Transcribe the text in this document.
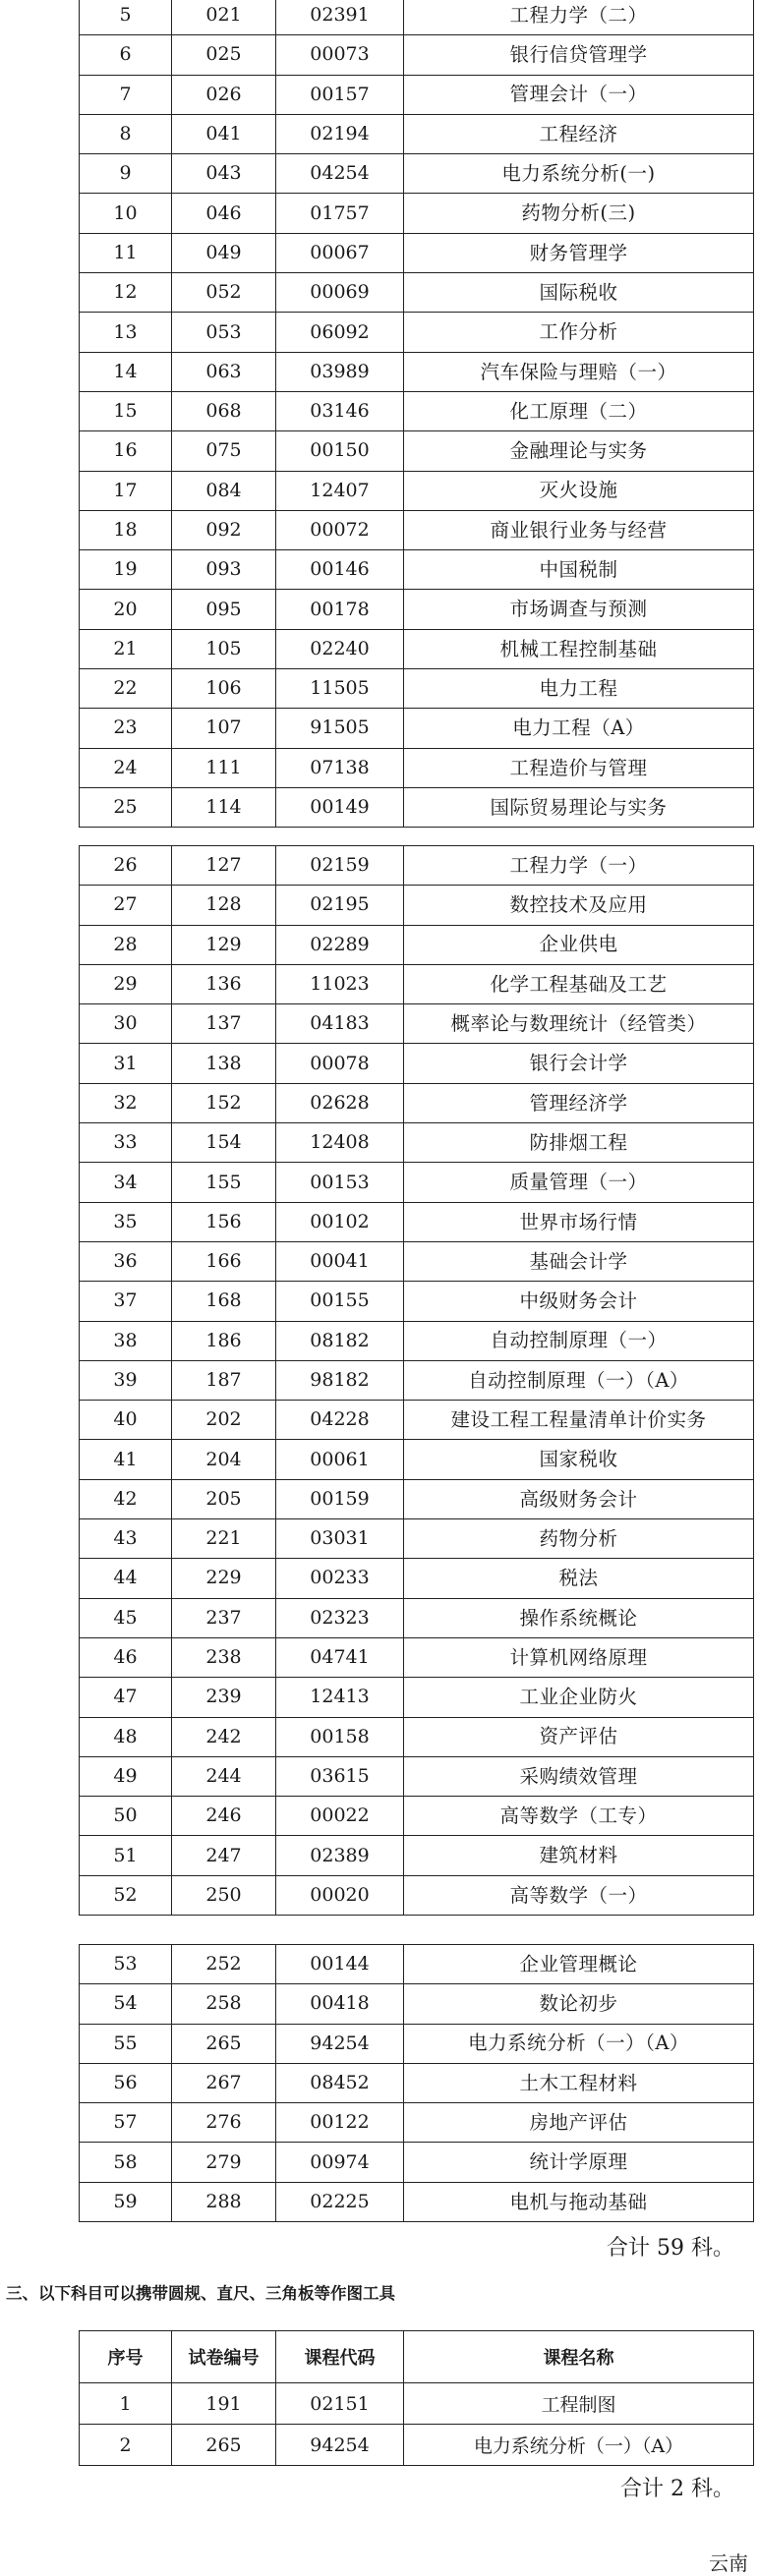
5	021	02391	工程力学（二）
6	025	00073	银行信贷管理学
7	026	00157	管理会计（一）
8	041	02194	工程经济
9	043	04254	电力系统分析(一)
10	046	01757	药物分析(三)
11	049	00067	财务管理学
12	052	00069	国际税收
13	053	06092	工作分析
14	063	03989	汽车保险与理赔（一）
15	068	03146	化工原理（二）
16	075	00150	金融理论与实务
17	084	12407	灭火设施
18	092	00072	商业银行业务与经营
19	093	00146	中国税制
20	095	00178	市场调查与预测
21	105	02240	机械工程控制基础
22	106	11505	电力工程
23	107	91505	电力工程（A）
24	111	07138	工程造价与管理
25	114	00149	国际贸易理论与实务
26	127	02159	工程力学（一）
27	128	02195	数控技术及应用
28	129	02289	企业供电
29	136	11023	化学工程基础及工艺
30	137	04183	概率论与数理统计（经管类）
31	138	00078	银行会计学
32	152	02628	管理经济学
33	154	12408	防排烟工程
34	155	00153	质量管理（一）
35	156	00102	世界市场行情
36	166	00041	基础会计学
37	168	00155	中级财务会计
38	186	08182	自动控制原理（一）
39	187	98182	自动控制原理（一）（A）
40	202	04228	建设工程工程量清单计价实务
41	204	00061	国家税收
42	205	00159	高级财务会计
43	221	03031	药物分析
44	229	00233	税法
45	237	02323	操作系统概论
46	238	04741	计算机网络原理
47	239	12413	工业企业防火
48	242	00158	资产评估
49	244	03615	采购绩效管理
50	246	00022	高等数学（工专）
51	247	02389	建筑材料
52	250	00020	高等数学（一）
53	252	00144	企业管理概论
54	258	00418	数论初步
55	265	94254	电力系统分析（一）（A）
56	267	08452	土木工程材料
57	276	00122	房地产评估
58	279	00974	统计学原理
59	288	02225	电机与拖动基础
合计 59 科。
三、以下科目可以携带圆规、直尺、三角板等作图工具
序号	试卷编号	课程代码	课程名称
1	191	02151	工程制图
2	265	94254	电力系统分析（一）（A）
合计 2 科。
云南
